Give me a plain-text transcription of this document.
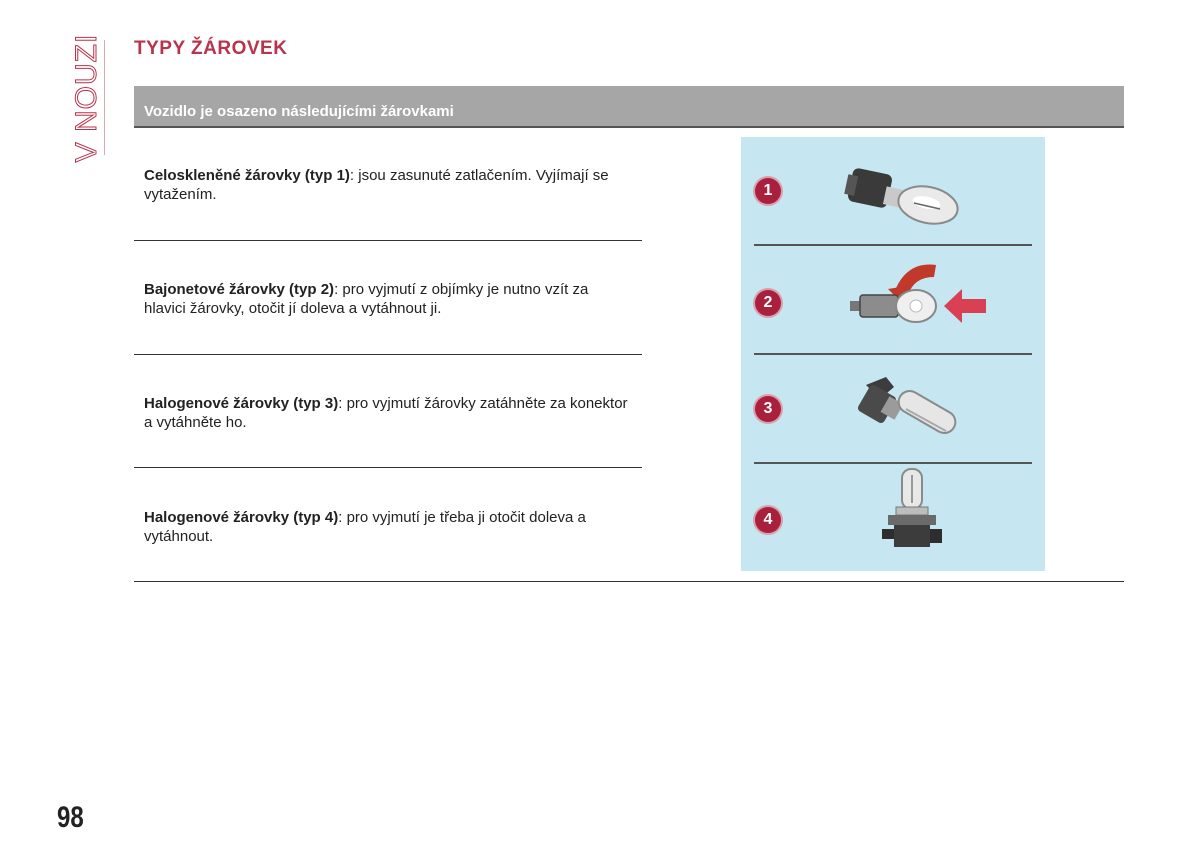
V NOUZI TYPY ŽÁROVEK
Vozidlo je osazeno následujícími žárovkami
Celoskleněné žárovky (typ 1): jsou zasunuté zatlačením. Vyjímají se vytažením.
Bajonetové žárovky (typ 2): pro vyjmutí z objímky je nutno vzít za hlavici žárovky, otočit jí doleva a vytáhnout ji.
Halogenové žárovky (typ 3): pro vyjmutí žárovky zatáhněte za konektor a vytáhněte ho.
Halogenové žárovky (typ 4): pro vyjmutí je třeba ji otočit doleva a vytáhnout.
1
2
3
4
98
